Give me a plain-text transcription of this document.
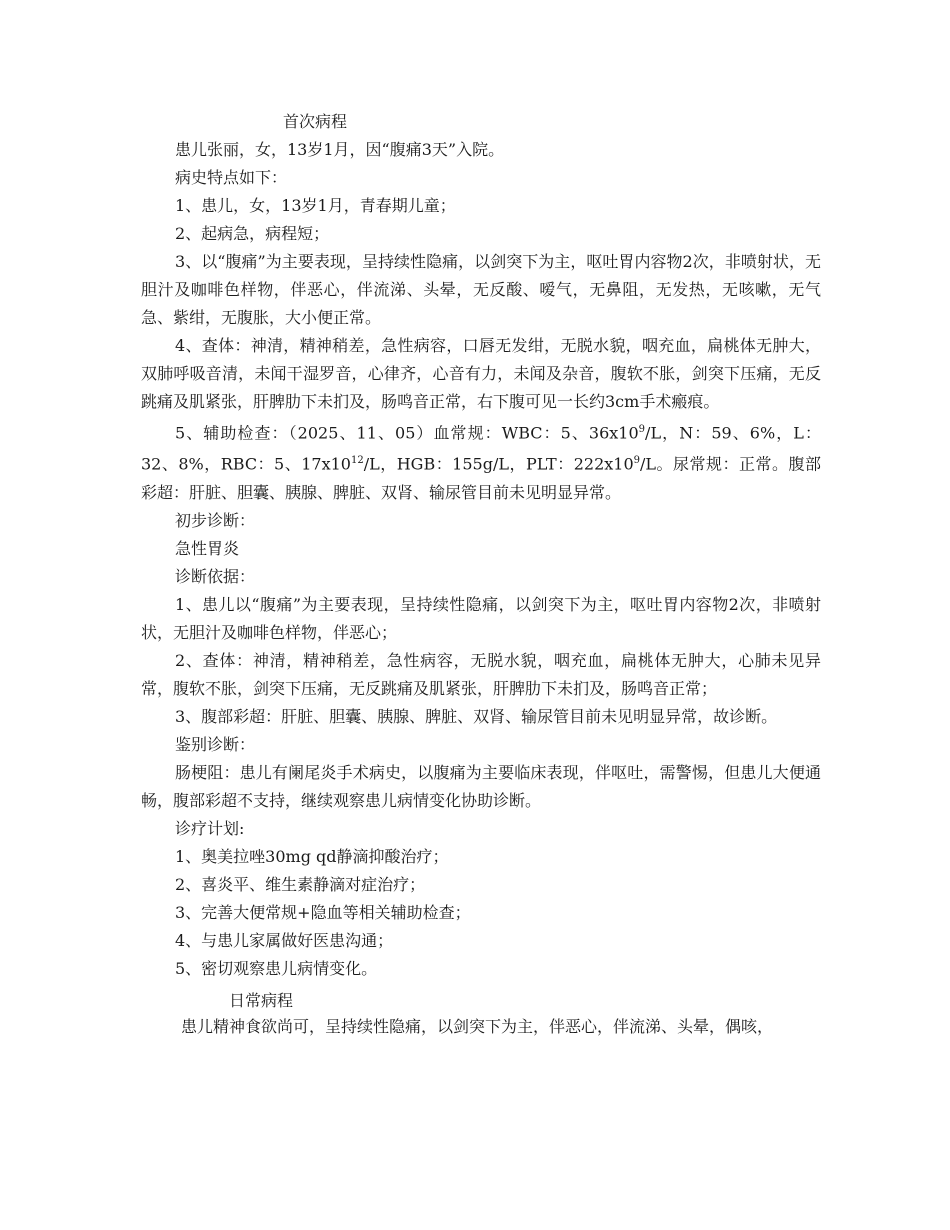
首次病程

患儿张丽，女，13岁1月，因“腹痛3天”入院。

病史特点如下：

1、患儿，女，13岁1月，青春期儿童；

2、起病急，病程短；

3、以“腹痛”为主要表现，呈持续性隐痛，以剑突下为主，呕吐胃内容物2次，非喷射状，无胆汁及咖啡色样物，伴恶心，伴流涕、头晕，无反酸、嗳气，无鼻阻，无发热，无咳嗽，无气急、紫绀，无腹胀，大小便正常。

4、查体：神清，精神稍差，急性病容，口唇无发绀，无脱水貌，咽充血，扁桃体无肿大，双肺呼吸音清，未闻干湿罗音，心律齐，心音有力，未闻及杂音，腹软不胀，剑突下压痛，无反跳痛及肌紧张，肝脾肋下未扪及，肠鸣音正常，右下腹可见一长约3cm手术瘢痕。

5、辅助检查：（2025、11、05）血常规：WBC：5、$36x10^9/L$，N：59、6%，L：32、8%，RBC：5、$17x10^{12}/L$，HGB：155g/L，PLT：$222x10^9/L$。尿常规：正常。腹部彩超：肝脏、胆囊、胰腺、脾脏、双肾、输尿管目前未见明显异常。

初步诊断：

急性胃炎

诊断依据：

1、患儿以“腹痛”为主要表现，呈持续性隐痛，以剑突下为主，呕吐胃内容物2次，非喷射状，无胆汁及咖啡色样物，伴恶心；

2、查体：神清，精神稍差，急性病容，无脱水貌，咽充血，扁桃体无肿大，心肺未见异常，腹软不胀，剑突下压痛，无反跳痛及肌紧张，肝脾肋下未扪及，肠鸣音正常；

3、腹部彩超：肝脏、胆囊、胰腺、脾脏、双肾、输尿管目前未见明显异常，故诊断。

鉴别诊断：

肠梗阻：患儿有阑尾炎手术病史，以腹痛为主要临床表现，伴呕吐，需警惕，但患儿大便通畅，腹部彩超不支持，继续观察患儿病情变化协助诊断。

诊疗计划:

1、奥美拉唑30mg qd静滴抑酸治疗；

2、喜炎平、维生素静滴对症治疗；

3、完善大便常规+隐血等相关辅助检查；

4、与患儿家属做好医患沟通；

5、密切观察患儿病情变化。

日常病程

患儿精神食欲尚可，呈持续性隐痛，以剑突下为主，伴恶心，伴流涕、头晕，偶咳，
